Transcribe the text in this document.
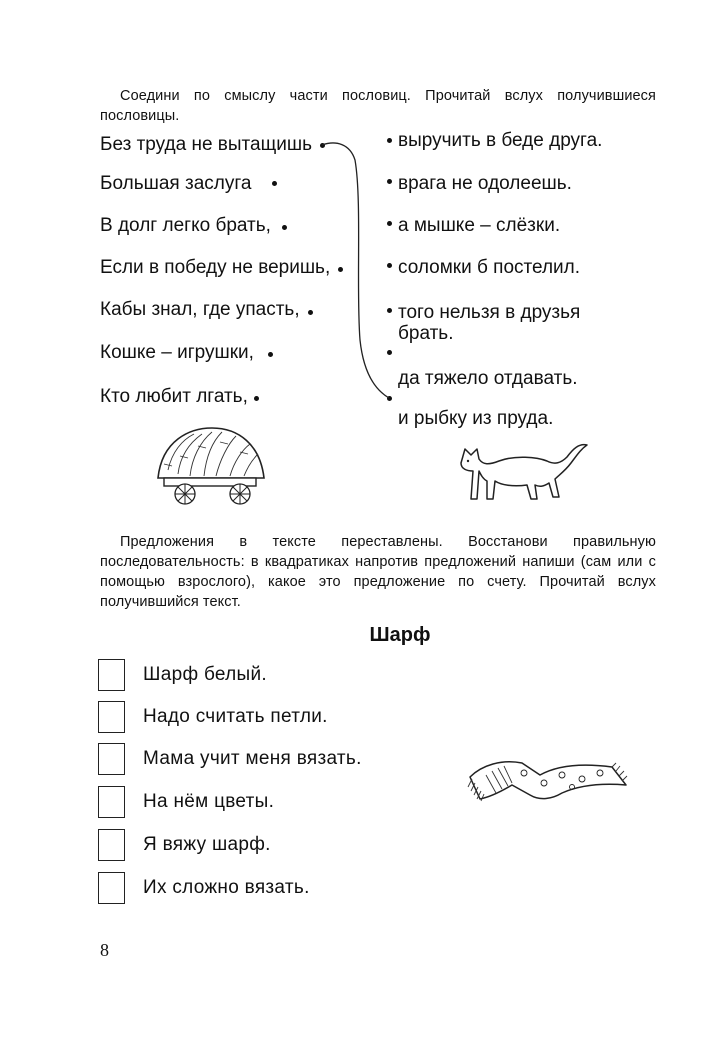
Соедини по смыслу части пословиц. Прочитай вслух получившиеся пословицы.
Без труда не вытащишь
Большая заслуга
В долг легко брать,
Если в победу не веришь,
Кабы знал, где упасть,
Кошке – игрушки,
Кто любит лгать,
выручить в беде друга.
врага не одолеешь.
а мышке – слёзки.
соломки б постелил.
того нельзя в друзья
брать.
да тяжело отдавать.
и рыбку из пруда.
Предложения в тексте переставлены. Восстанови правильную последовательность: в квадратиках напротив предложений напиши (сам или с помощью взрослого), какое это предложение по счету. Прочитай вслух получившийся текст.
Шарф
Шарф белый.
Надо считать петли.
Мама учит меня вязать.
На нём цветы.
Я вяжу шарф.
Их сложно вязать.
8
